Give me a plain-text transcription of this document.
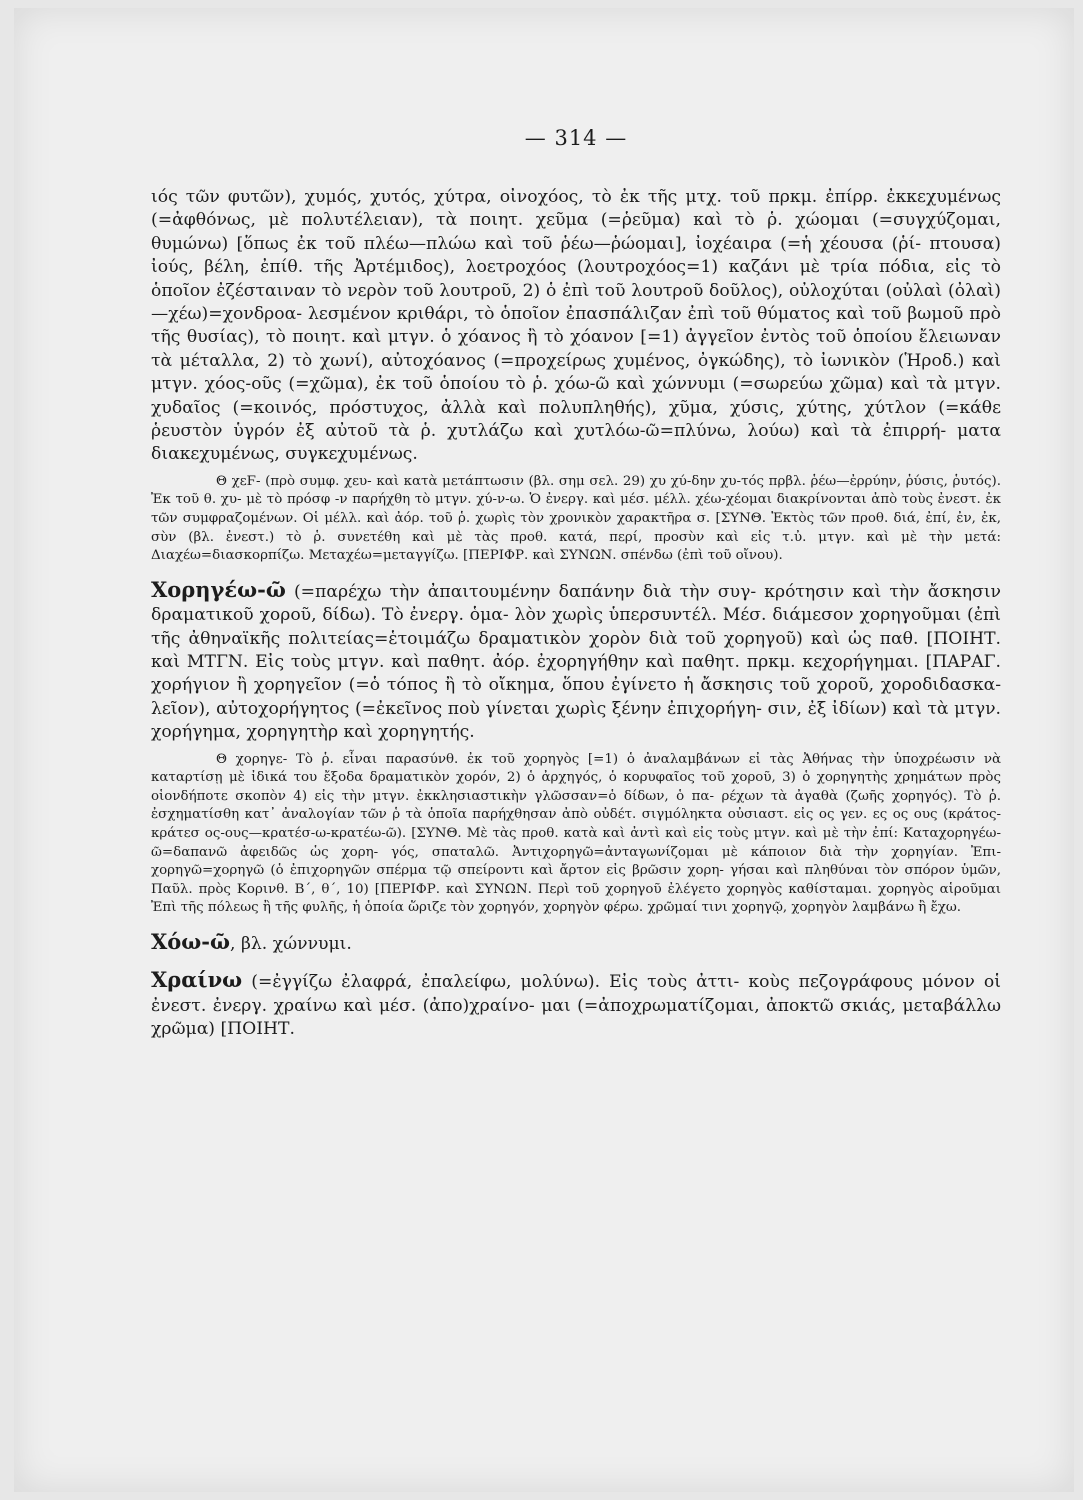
— 314 —

ιός τῶν φυτῶν), χυμός, χυτός, χύτρα, οἰνοχόος, τὸ ἐκ τῆς μτχ. τοῦ πρκμ. ἐπίρρ. ἐκκεχυμένως (=ἀφθόνως, μὲ πολυτέλειαν), τὰ ποιητ. χεῦμα (=ῥεῦμα) καὶ τὸ ῥ. χώομαι (=συγχύζομαι, θυμώνω) [ὅπως ἐκ τοῦ πλέω—πλώω καὶ τοῦ ῥέω—ῥώομαι], ἰοχέαιρα (=ἡ χέουσα (ῥί- πτουσα) ἰούς, βέλη, ἐπίθ. τῆς Ἀρτέμιδος), λοετροχόος (λουτροχόος=1) καζάνι μὲ τρία πόδια, εἰς τὸ ὁποῖον ἐζέσταιναν τὸ νερὸν τοῦ λουτροῦ, 2) ὁ ἐπὶ τοῦ λουτροῦ δοῦλος), οὐλοχύται (οὐλαὶ (ὀλαὶ)—χέω)=χονδροα- λεσμένον κριθάρι, τὸ ὁποῖον ἐπασπάλιζαν ἐπὶ τοῦ θύματος καὶ τοῦ βωμοῦ πρὸ τῆς θυσίας), τὸ ποιητ. καὶ μτγν. ὁ χόανος ἢ τὸ χόανον [=1) ἀγγεῖον ἐντὸς τοῦ ὁποίου ἔλειωναν τὰ μέταλλα, 2) τὸ χωνί), αὐτοχόανος (=προχείρως χυμένος, ὀγκώδης), τὸ ἰωνικὸν (Ἡροδ.) καὶ μτγν. χόος-οῦς (=χῶμα), ἐκ τοῦ ὁποίου τὸ ῥ. χόω-ῶ καὶ χώννυμι (=σωρεύω χῶμα) καὶ τὰ μτγν. χυδαῖος (=κοινός, πρόστυχος, ἀλλὰ καὶ πολυπληθής), χῦμα, χύσις, χύτης, χύτλον (=κάθε ῥευστὸν ὑγρόν ἐξ αὐτοῦ τὰ ῥ. χυτλάζω καὶ χυτλόω-ῶ=πλύνω, λούω) καὶ τὰ ἐπιρρή- ματα διακεχυμένως, συγκεχυμένως.

Θ χεϜ- (πρὸ συμφ. χευ- καὶ κατὰ μετάπτωσιν (βλ. σημ σελ. 29) χυ χύ-δην χυ-τός πρβλ. ῥέω—ἐρρύην, ῥύσις, ῥυτός). Ἐκ τοῦ θ. χυ- μὲ τὸ πρόσφ -ν παρήχθη τὸ μτγν. χύ-ν-ω. Ὁ ἐνεργ. καὶ μέσ. μέλλ. χέω-χέομαι διακρίνονται ἀπὸ τοὺς ἐνεστ. ἐκ τῶν συμφραζομένων. Οἱ μέλλ. καὶ ἀόρ. τοῦ ῥ. χωρὶς τὸν χρονικὸν χαρακτῆρα σ. [ΣΥΝΘ. Ἐκτὸς τῶν προθ. διά, ἐπί, ἐν, ἐκ, σὺν (βλ. ἐνεστ.) τὸ ῥ. συνετέθη καὶ μὲ τὰς προθ. κατά, περί, προσὺν καὶ εἰς τ.ὐ. μτγν. καὶ μὲ τὴν μετά: Διαχέω=διασκορπίζω. Μεταχέω=μεταγγίζω. [ΠΕΡΙΦΡ. καὶ ΣΥΝΩΝ. σπένδω (ἐπὶ τοῦ οἴνου).

Χορηγέω-ῶ (=παρέχω τὴν ἀπαιτουμένην δαπάνην διὰ τὴν συγ- κρότησιν καὶ τὴν ἄσκησιν δραματικοῦ χοροῦ, δίδω). Τὸ ἐνεργ. ὁμα- λὸν χωρὶς ὑπερσυντέλ. Μέσ. διάμεσον χορηγοῦμαι (ἐπὶ τῆς ἀθηναϊκῆς πολιτείας=ἑτοιμάζω δραματικὸν χορὸν διὰ τοῦ χορηγοῦ) καὶ ὡς παθ. [ΠΟΙΗΤ. καὶ ΜΤΓΝ. Εἰς τοὺς μτγν. καὶ παθητ. ἀόρ. ἐχορηγήθην καὶ παθητ. πρκμ. κεχορήγημαι. [ΠΑΡΑΓ. χορήγιον ἢ χορηγεῖον (=ὁ τόπος ἢ τὸ οἴκημα, ὅπου ἐγίνετο ἡ ἄσκησις τοῦ χοροῦ, χοροδιδασκα- λεῖον), αὐτοχορήγητος (=ἐκεῖνος ποὺ γίνεται χωρὶς ξένην ἐπιχορήγη- σιν, ἐξ ἰδίων) καὶ τὰ μτγν. χορήγημα, χορηγητὴρ καὶ χορηγητής.

Θ χορηγε- Τὸ ῥ. εἶναι παρασύνθ. ἐκ τοῦ χορηγὸς [=1) ὁ ἀναλαμβάνων εἰ τὰς Ἀθήνας τὴν ὑποχρέωσιν νὰ καταρτίσῃ μὲ ἰδικά του ἔξοδα δραματικὸν χορόν, 2) ὁ ἀρχηγός, ὁ κορυφαῖος τοῦ χοροῦ, 3) ὁ χορηγητὴς χρημάτων πρὸς οἱονδήποτε σκοπὸν 4) εἰς τὴν μτγν. ἐκκλησιαστικὴν γλῶσσαν=ὁ δίδων, ὁ πα- ρέχων τὰ ἀγαθὰ (ζωῆς χορηγός). Τὸ ῥ. ἐσχηματίσθη κατ᾽ ἀναλογίαν τῶν ῥ τὰ ὁποῖα παρήχθησαν ἀπὸ οὐδέτ. σιγμόληκτα οὐσιαστ. εἰς ος γεν. ες ος ους (κράτος-κράτεσ ος-ους—κρατέσ-ω-κρατέω-ῶ). [ΣΥΝΘ. Μὲ τὰς προθ. κατὰ καὶ ἀντὶ καὶ εἰς τοὺς μτγν. καὶ μὲ τὴν ἐπί: Καταχορηγέω-ῶ=δαπανῶ ἀφειδῶς ὡς χορη- γός, σπαταλῶ. Ἀντιχορηγῶ=ἀνταγωνίζομαι μὲ κάποιον διὰ τὴν χορηγίαν. Ἐπι- χορηγῶ=χορηγῶ (ὁ ἐπιχορηγῶν σπέρμα τῷ σπείροντι καὶ ἄρτον εἰς βρῶσιν χορη- γήσαι καὶ πληθύναι τὸν σπόρον ὑμῶν, Παῦλ. πρὸς Κορινθ. Β΄, θ΄, 10) [ΠΕΡΙΦΡ. καὶ ΣΥΝΩΝ. Περὶ τοῦ χορηγοῦ ἐλέγετο χορηγὸς καθίσταμαι. χορηγὸς αἱροῦμαι Ἐπὶ τῆς πόλεως ἢ τῆς φυλῆς, ἡ ὁποία ὥριζε τὸν χορηγόν, χορηγὸν φέρω. χρῶμαί τινι χορηγῷ, χορηγὸν λαμβάνω ἢ ἔχω.

Χόω-ῶ, βλ. χώννυμι.

Χραίνω (=ἐγγίζω ἐλαφρά, ἐπαλείφω, μολύνω). Εἰς τοὺς ἀττι- κοὺς πεζογράφους μόνον οἱ ἐνεστ. ἐνεργ. χραίνω καὶ μέσ. (ἀπο)χραίνο- μαι (=ἀποχρωματίζομαι, ἀποκτῶ σκιάς, μεταβάλλω χρῶμα) [ΠΟΙΗΤ.
